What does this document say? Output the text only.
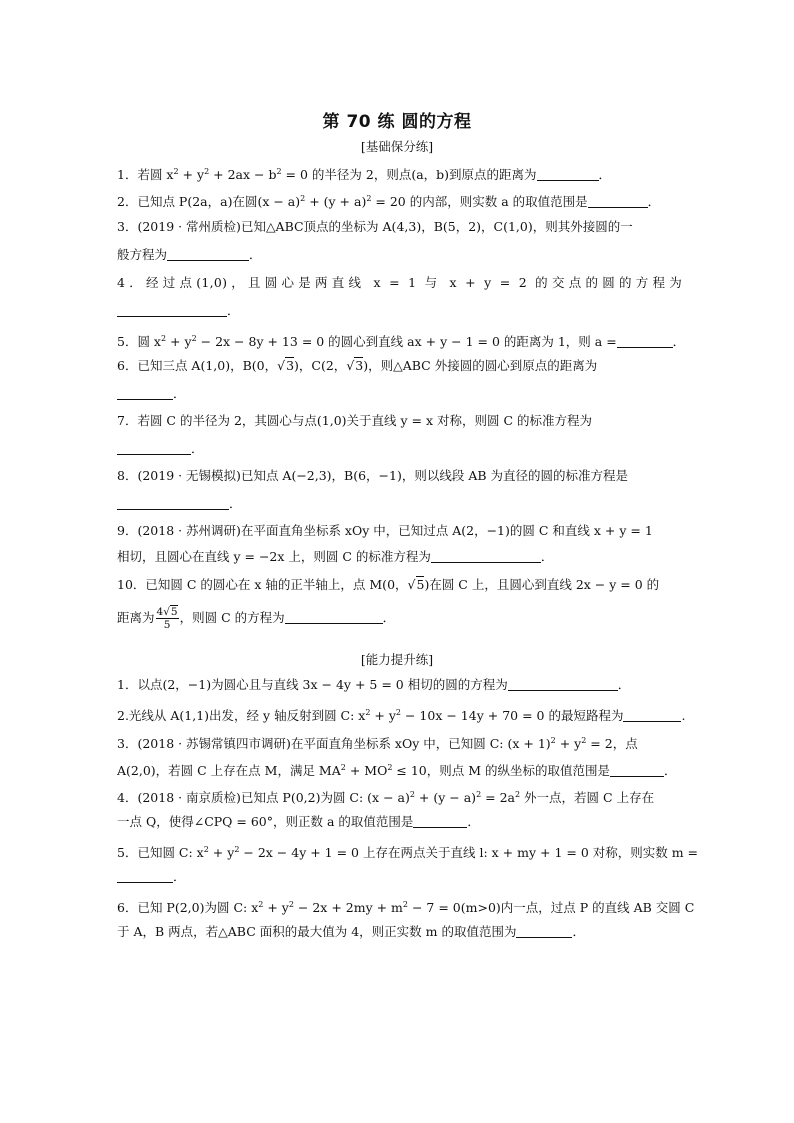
第 70 练 圆的方程
[基础保分练]
1．若圆 $x^2 + y^2 + 2ax - b^2 = 0$ 的半径为 2，则点(a，b)到原点的距离为	．
2．已知点 P(2a，a)在圆$(x - a)^2 + (y + a)^2 = 20$ 的内部，则实数 a 的取值范围是	．
3．(2019 · 常州质检)已知△ABC顶点的坐标为 A(4,3)，B(5，2)，C(1,0)，则其外接圆的一
般方程为	．
4．经过点(1,0)，且圆心是两直线 x = 1 与 x + y = 2 的交点的圆的方程为
．
5．圆 $x^2 + y^2 - 2x - 8y + 13 = 0$ 的圆心到直线 ax + y − 1 = 0 的距离为 1，则 a =	．
6．已知三点 A(1,0)，B(0，√3)，C(2，√3)，则△ABC 外接圆的圆心到原点的距离为
．
7．若圆 C 的半径为 2，其圆心与点(1,0)关于直线 y = x 对称，则圆 C 的标准方程为
．
8．(2019 · 无锡模拟)已知点 A(−2,3)，B(6，−1)，则以线段 AB 为直径的圆的标准方程是
．
9．(2018 · 苏州调研)在平面直角坐标系 xOy 中，已知过点 A(2，−1)的圆 C 和直线 x + y = 1
相切，且圆心在直线 y = −2x 上，则圆 C 的标准方程为	．
10．已知圆 C 的圆心在 x 轴的正半轴上，点 M(0，√5)在圆 C 上，且圆心到直线 2x − y = 0 的
距离为 $\frac{4√5}{5}$ ，则圆 C 的方程为	．
[能力提升练]
1．以点(2，−1)为圆心且与直线 3x − 4y + 5 = 0 相切的圆的方程为	．
2.光线从 A(1,1)出发，经 y 轴反射到圆 C: $x^2 + y^2 - 10x - 14y + 70 = 0$ 的最短路程为	.
3．(2018 · 苏锡常镇四市调研)在平面直角坐标系 xOy 中，已知圆 C: $(x + 1)^2 + y^2 = 2$，点
A(2,0)，若圆 C 上存在点 M，满足 $MA^2 + MO^2 \le 10$，则点 M 的纵坐标的取值范围是	．
4．(2018 · 南京质检)已知点 P(0,2)为圆 C: $(x - a)^2 + (y - a)^2 = 2a^2$ 外一点，若圆 C 上存在
一点 Q，使得∠CPQ = 60°，则正数 a 的取值范围是	．
5．已知圆 C: $x^2 + y^2 - 2x - 4y + 1 = 0$ 上存在两点关于直线 l: x + my + 1 = 0 对称，则实数 m =
．
6．已知 P(2,0)为圆 C: $x^2 + y^2 - 2x + 2my + m^2 - 7 = 0(m>0)$内一点，过点 P 的直线 AB 交圆 C
于 A，B 两点，若△ABC 面积的最大值为 4，则正实数 m 的取值范围为	．
